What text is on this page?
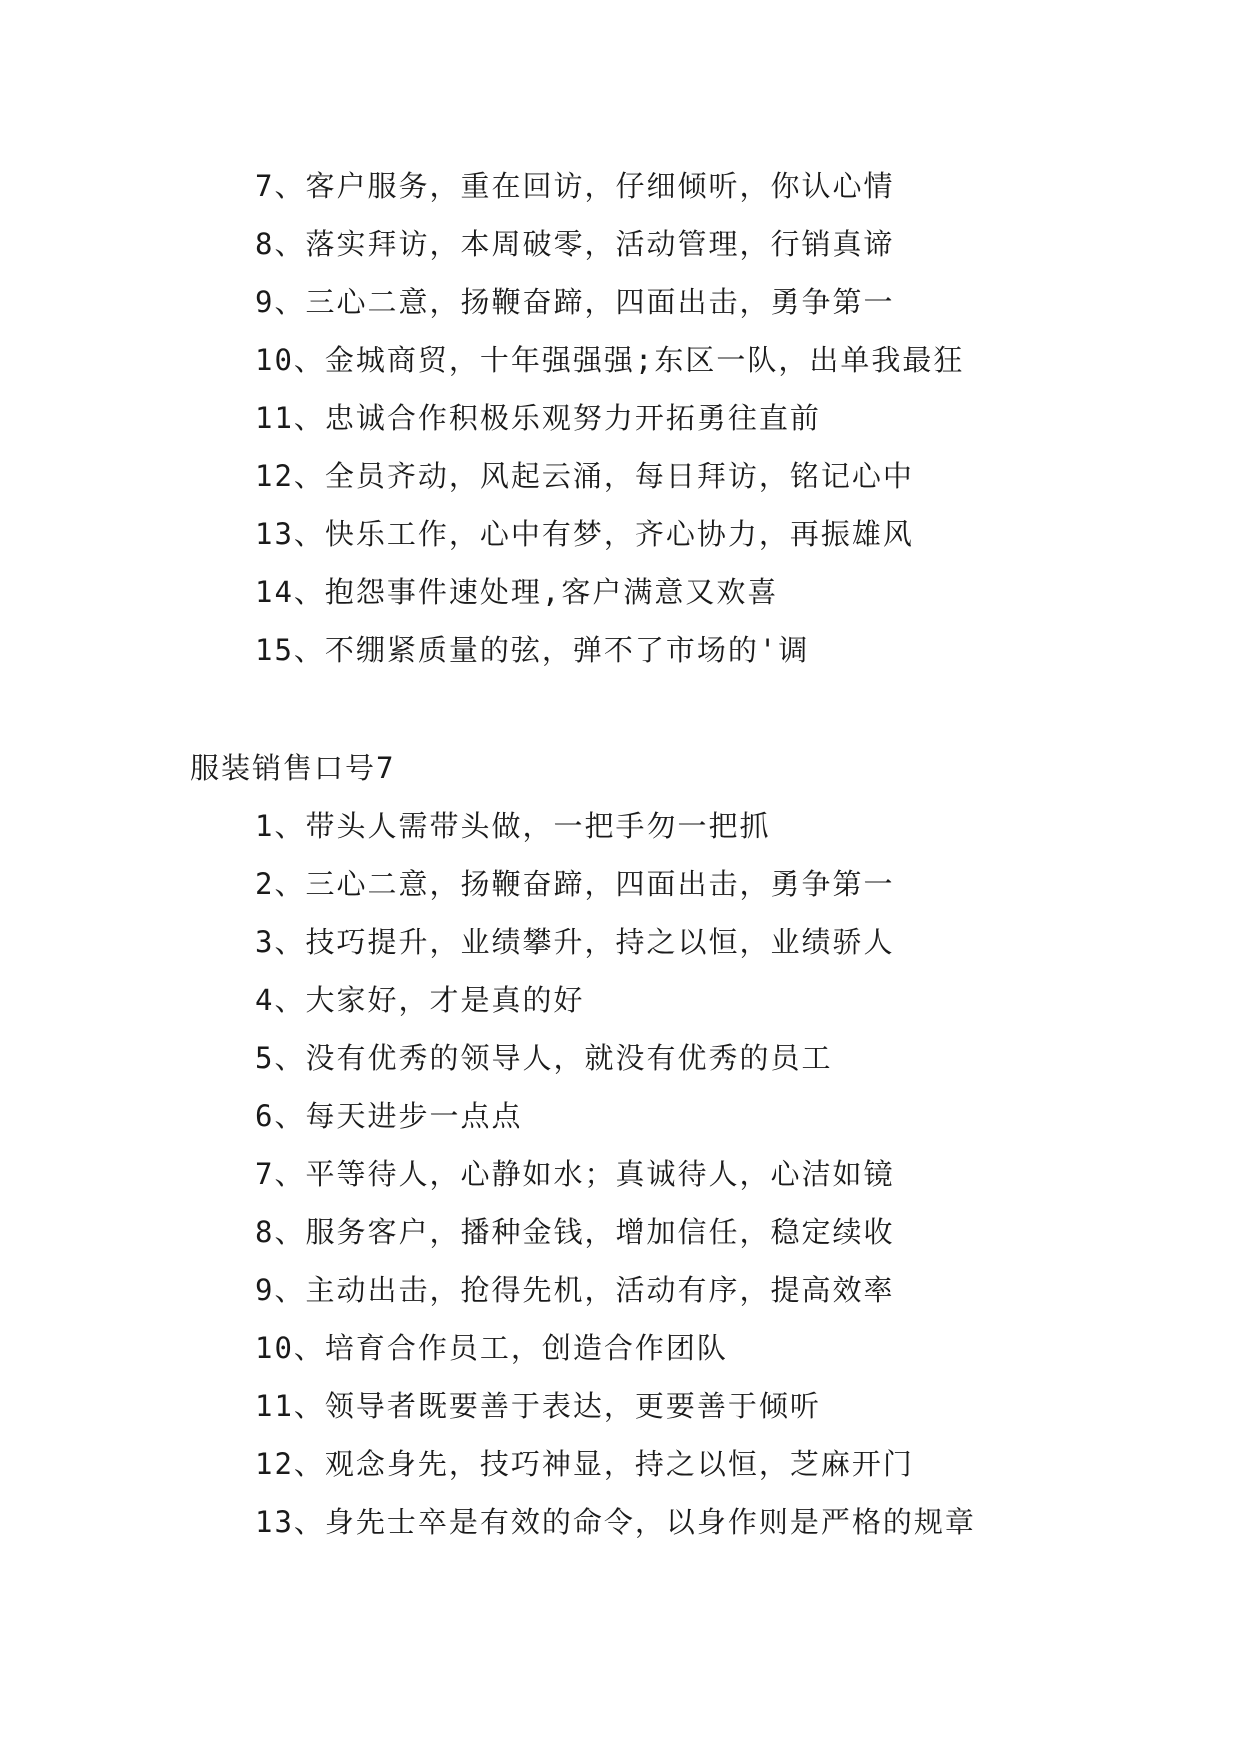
7、客户服务，重在回访，仔细倾听，你认心情
8、落实拜访，本周破零，活动管理，行销真谛
9、三心二意，扬鞭奋蹄，四面出击，勇争第一
10、金城商贸，十年强强强;东区一队，出单我最狂
11、忠诚合作积极乐观努力开拓勇往直前
12、全员齐动，风起云涌，每日拜访，铭记心中
13、快乐工作，心中有梦，齐心协力，再振雄风
14、抱怨事件速处理,客户满意又欢喜
15、不绷紧质量的弦，弹不了市场的'调
服装销售口号7
1、带头人需带头做，一把手勿一把抓
2、三心二意，扬鞭奋蹄，四面出击，勇争第一
3、技巧提升，业绩攀升，持之以恒，业绩骄人
4、大家好，才是真的好
5、没有优秀的领导人，就没有优秀的员工
6、每天进步一点点
7、平等待人，心静如水；真诚待人，心洁如镜
8、服务客户，播种金钱，增加信任，稳定续收
9、主动出击，抢得先机，活动有序，提高效率
10、培育合作员工，创造合作团队
11、领导者既要善于表达，更要善于倾听
12、观念身先，技巧神显，持之以恒，芝麻开门
13、身先士卒是有效的命令，以身作则是严格的规章
